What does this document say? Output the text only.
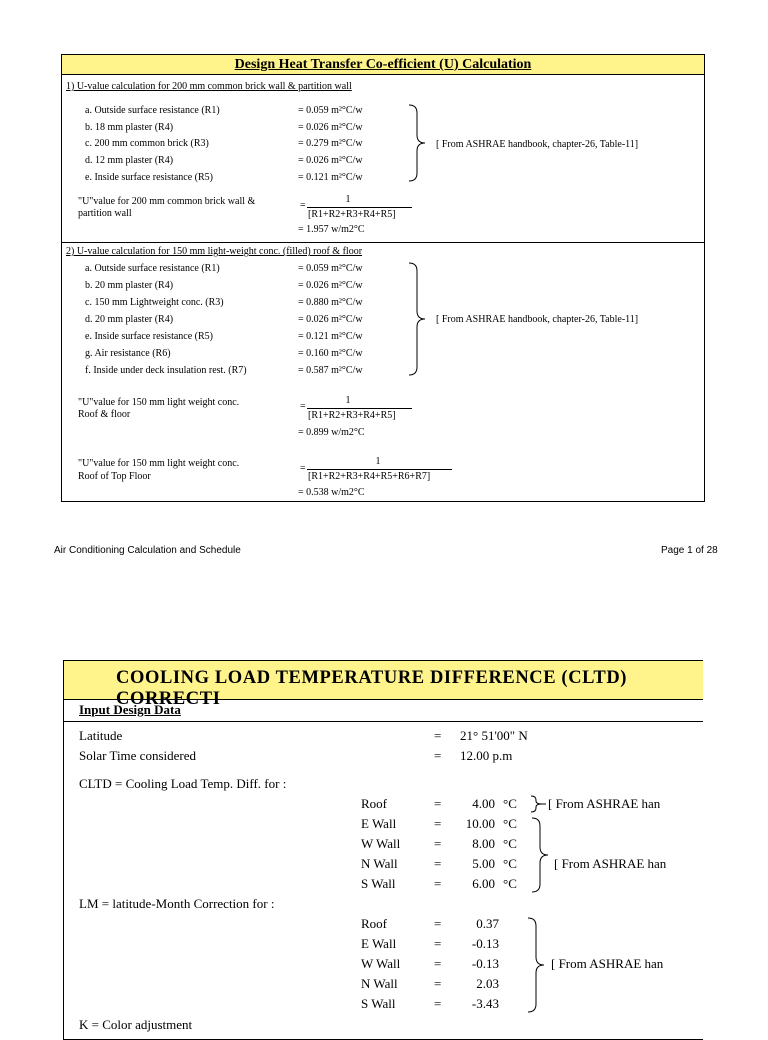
Design Heat Transfer Co-efficient (U) Calculation
1) U-value calculation for 200 mm common brick wall & partition wall
a. Outside surface resistance (R1)	= 0.059 m²°C/w
b. 18 mm plaster (R4)	= 0.026 m²°C/w
c. 200 mm common brick (R3)	= 0.279 m²°C/w
d. 12 mm plaster (R4)	= 0.026 m²°C/w
e. Inside surface resistance (R5)	= 0.121 m²°C/w
[ From ASHRAE handbook, chapter-26, Table-11]
"U"value for 200 mm common brick wall &
partition wall
=
1
[R1+R2+R3+R4+R5]
= 1.957 w/m2°C
2) U-value calculation for 150 mm light-weight conc. (filled) roof & floor
a. Outside surface resistance (R1)	= 0.059 m²°C/w
b. 20 mm plaster (R4)	= 0.026 m²°C/w
c. 150 mm Lightweight conc. (R3)	= 0.880 m²°C/w
d. 20 mm plaster (R4)	= 0.026 m²°C/w
e. Inside surface resistance (R5)	= 0.121 m²°C/w
g. Air resistance (R6)	= 0.160 m²°C/w
f. Inside under deck insulation rest. (R7)	= 0.587 m²°C/w
[ From ASHRAE handbook, chapter-26, Table-11]
"U"value for 150 mm light weight conc.
Roof & floor
=
1
[R1+R2+R3+R4+R5]
= 0.899 w/m2°C
"U"value for 150 mm light weight conc.
Roof of Top Floor
=
1
[R1+R2+R3+R4+R5+R6+R7]
= 0.538 w/m2°C
Air Conditioning Calculation and Schedule	Page 1 of 28
COOLING LOAD TEMPERATURE DIFFERENCE (CLTD) CORRECTI
Input Design Data
Latitude	= 21° 51'00" N
Solar Time considered	= 12.00 p.m
CLTD = Cooling Load Temp. Diff. for :
Roof	=	4.00 °C
E Wall	=	10.00 °C
W Wall	=	8.00 °C
N Wall	=	5.00 °C
S Wall	=	6.00 °C
[ From ASHRAE han
[ From ASHRAE han
LM = latitude-Month Correction for :
Roof	=	0.37
E Wall	=	-0.13
W Wall	=	-0.13
N Wall	=	2.03
S Wall	=	-3.43
[ From ASHRAE han
K = Color adjustment
